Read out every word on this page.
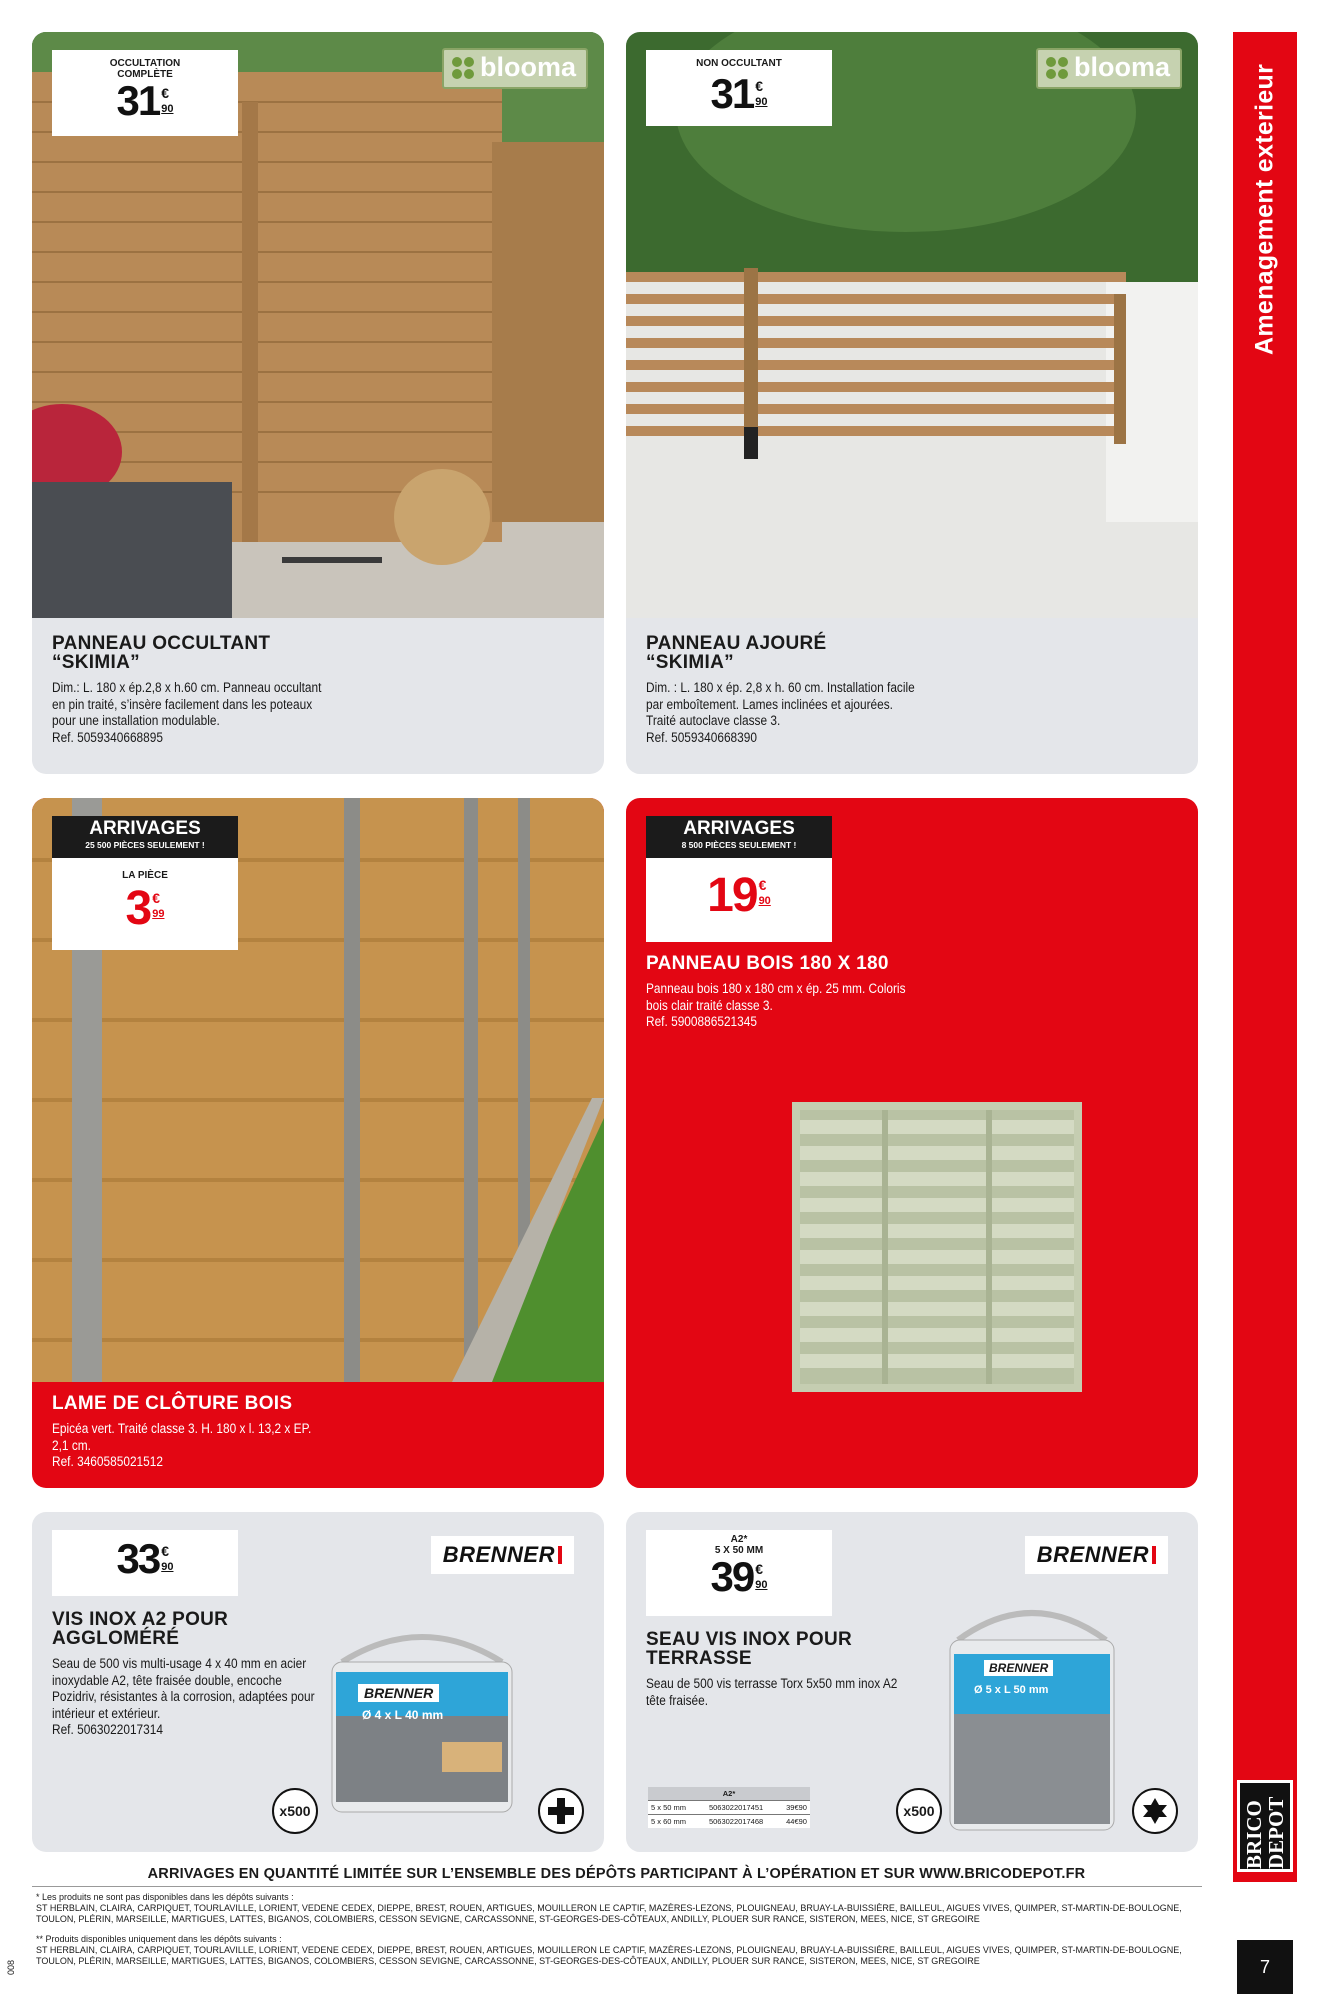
Amenagement exterieur
BRICO DEPOT
7
OCCULTATION
COMPLÈTE
31 €
90
blooma
PANNEAU OCCULTANT
“SKIMIA”
Dim.: L. 180 x ép.2,8 x h.60 cm. Panneau occultant en pin traité, s’insère facilement dans les poteaux pour une installation modulable.
Ref. 5059340668895
NON OCCULTANT
31 €
90
blooma
PANNEAU AJOURÉ
“SKIMIA”
Dim. : L. 180 x ép. 2,8 x h. 60 cm. Installation facile par emboîtement. Lames inclinées et ajourées. Traité autoclave classe 3.
Ref. 5059340668390
ARRIVAGES
25 500 PIÈCES SEULEMENT !
LA PIÈCE
3 €
99
LAME DE CLÔTURE BOIS
Epicéa vert. Traité classe 3. H. 180 x l. 13,2 x EP. 2,1 cm.
Ref. 3460585021512
ARRIVAGES
8 500 PIÈCES SEULEMENT !
19 €
90
PANNEAU BOIS 180 X 180
Panneau bois 180 x 180 cm x ép. 25 mm. Coloris bois clair traité classe 3.
Ref. 5900886521345
33 €
90	BRENNER
VIS INOX A2 POUR
AGGLOMÉRÉ
Seau de 500 vis multi-usage 4 x 40 mm en acier inoxydable A2, tête fraisée double, encoche Pozidriv, résistantes à la corrosion, adaptées pour intérieur et extérieur.
Ref. 5063022017314
BRENNER
Ø 4 x L 40 mm
x500
A2*
5 X 50 MM
39 €
90
BRENNER
SEAU VIS INOX POUR
TERRASSE
Seau de 500 vis terrasse Torx 5x50 mm inox A2 tête fraisée.
BRENNER
Ø 5 x L 50 mm
x500
A2*
5 x 50 mm	5063022017451	39€90
5 x 60 mm	5063022017468	44€90
ARRIVAGES EN QUANTITÉ LIMITÉE SUR L’ENSEMBLE DES DÉPÔTS PARTICIPANT À L’OPÉRATION ET SUR WWW.BRICODEPOT.FR
* Les produits ne sont pas disponibles dans les dépôts suivants :
ST HERBLAIN, CLAIRA, CARPIQUET, TOURLAVILLE, LORIENT, VEDENE CEDEX, DIEPPE, BREST, ROUEN, ARTIGUES, MOUILLERON LE CAPTIF, MAZÈRES-LEZONS, PLOUIGNEAU, BRUAY-LA-BUISSIÈRE, BAILLEUL, AIGUES VIVES, QUIMPER, ST-MARTIN-DE-BOULOGNE, TOULON, PLÉRIN, MARSEILLE, MARTIGUES, LATTES, BIGANOS, COLOMBIERS, CESSON SEVIGNE, CARCASSONNE, ST-GEORGES-DES-CÔTEAUX, ANDILLY, PLOUER SUR RANCE, SISTERON, MEES, NICE, ST GREGOIRE
** Produits disponibles uniquement dans les dépôts suivants :
ST HERBLAIN, CLAIRA, CARPIQUET, TOURLAVILLE, LORIENT, VEDENE CEDEX, DIEPPE, BREST, ROUEN, ARTIGUES, MOUILLERON LE CAPTIF, MAZÈRES-LEZONS, PLOUIGNEAU, BRUAY-LA-BUISSIÈRE, BAILLEUL, AIGUES VIVES, QUIMPER, ST-MARTIN-DE-BOULOGNE, TOULON, PLÉRIN, MARSEILLE, MARTIGUES, LATTES, BIGANOS, COLOMBIERS, CESSON SEVIGNE, CARCASSONNE, ST-GEORGES-DES-CÔTEAUX, ANDILLY, PLOUER SUR RANCE, SISTERON, MEES, NICE, ST GREGOIRE
008
